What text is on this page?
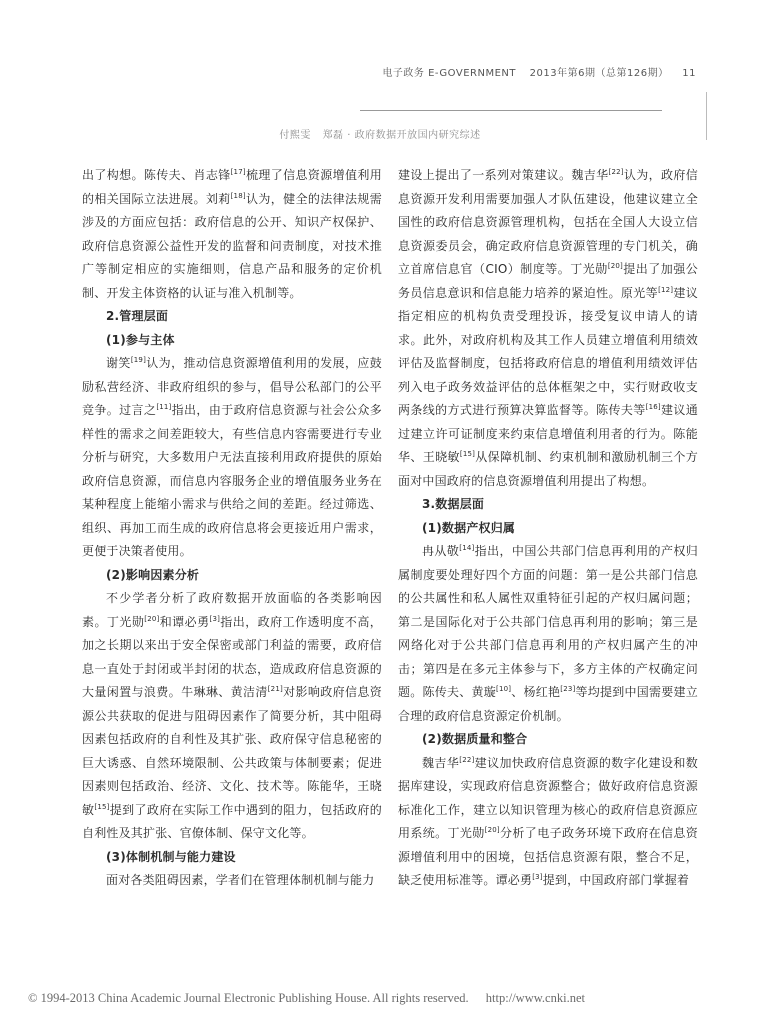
电子政务 E-GOVERNMENT 2013年第6期（总第126期） 11
付熙雯 郑磊 · 政府数据开放国内研究综述

出了构想。陈传夫、肖志锋[17]梳理了信息资源增值利用的相关国际立法进展。刘莉[18]认为，健全的法律法规需涉及的方面应包括：政府信息的公开、知识产权保护、政府信息资源公益性开发的监督和问责制度，对技术推广等制定相应的实施细则，信息产品和服务的定价机制、开发主体资格的认证与准入机制等。

2.管理层面
(1)参与主体

谢笑[19]认为，推动信息资源增值利用的发展，应鼓励私营经济、非政府组织的参与，倡导公私部门的公平竞争。过言之[11]指出，由于政府信息资源与社会公众多样性的需求之间差距较大，有些信息内容需要进行专业分析与研究，大多数用户无法直接利用政府提供的原始政府信息资源，而信息内容服务企业的增值服务业务在某种程度上能缩小需求与供给之间的差距。经过筛选、组织、再加工而生成的政府信息将会更接近用户需求，更便于决策者使用。

(2)影响因素分析

不少学者分析了政府数据开放面临的各类影响因素。丁光勋[20]和谭必勇[3]指出，政府工作透明度不高，加之长期以来出于安全保密或部门利益的需要，政府信息一直处于封闭或半封闭的状态，造成政府信息资源的大量闲置与浪费。牛琳琳、黄洁清[21]对影响政府信息资源公共获取的促进与阻碍因素作了简要分析，其中阻碍因素包括政府的自利性及其扩张、政府保守信息秘密的巨大诱惑、自然环境限制、公共政策与体制要素；促进因素则包括政治、经济、文化、技术等。陈能华，王晓敏[15]提到了政府在实际工作中遇到的阻力，包括政府的自利性及其扩张、官僚体制、保守文化等。

(3)体制机制与能力建设

面对各类阻碍因素，学者们在管理体制机制与能力

建设上提出了一系列对策建议。魏吉华[22]认为，政府信息资源开发利用需要加强人才队伍建设，他建议建立全国性的政府信息资源管理机构，包括在全国人大设立信息资源委员会，确定政府信息资源管理的专门机关，确立首席信息官（CIO）制度等。丁光勋[20]提出了加强公务员信息意识和信息能力培养的紧迫性。原光等[12]建议指定相应的机构负责受理投诉，接受复议申请人的请求。此外，对政府机构及其工作人员建立增值利用绩效评估及监督制度，包括将政府信息的增值利用绩效评估列入电子政务效益评估的总体框架之中，实行财政收支两条线的方式进行预算决算监督等。陈传夫等[16]建议通过建立许可证制度来约束信息增值利用者的行为。陈能华、王晓敏[15]从保障机制、约束机制和激励机制三个方面对中国政府的信息资源增值利用提出了构想。

3.数据层面
(1)数据产权归属

冉从敬[14]指出，中国公共部门信息再利用的产权归属制度要处理好四个方面的问题：第一是公共部门信息的公共属性和私人属性双重特征引起的产权归属问题；第二是国际化对于公共部门信息再利用的影响；第三是网络化对于公共部门信息再利用的产权归属产生的冲击；第四是在多元主体参与下，多方主体的产权确定问题。陈传夫、黄璇[10]、杨红艳[23]等均提到中国需要建立合理的政府信息资源定价机制。

(2)数据质量和整合

魏吉华[22]建议加快政府信息资源的数字化建设和数据库建设，实现政府信息资源整合；做好政府信息资源标准化工作，建立以知识管理为核心的政府信息资源应用系统。丁光勋[20]分析了电子政务环境下政府在信息资源增值利用中的困境，包括信息资源有限，整合不足，缺乏使用标准等。谭必勇[3]提到，中国政府部门掌握着

© 1994-2013 China Academic Journal Electronic Publishing House. All rights reserved. http://www.cnki.net
